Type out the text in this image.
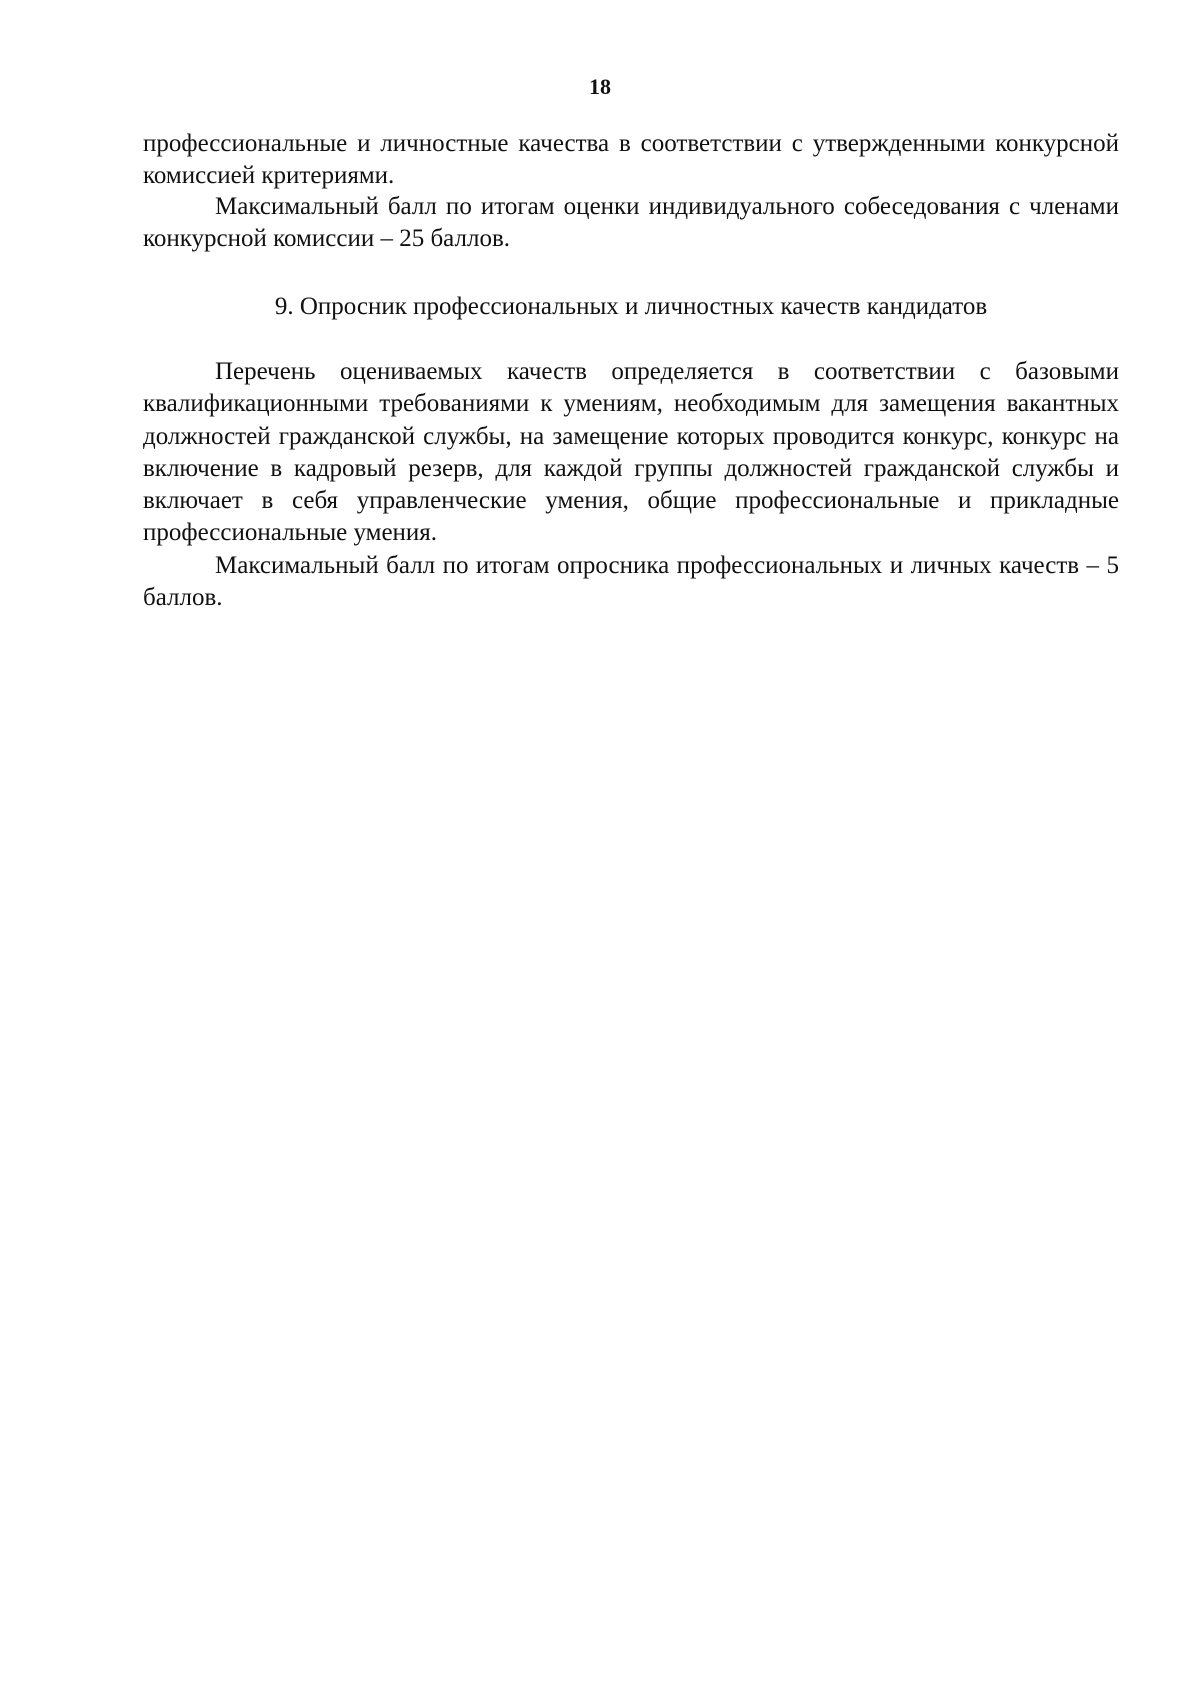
18

профессиональные и личностные качества в соответствии с утвержденными конкурсной комиссией критериями.

Максимальный балл по итогам оценки индивидуального собеседования с членами конкурсной комиссии – 25 баллов.

9. Опросник профессиональных и личностных качеств кандидатов

Перечень оцениваемых качеств определяется в соответствии с базовыми квалификационными требованиями к умениям, необходимым для замещения вакантных должностей гражданской службы, на замещение которых проводится конкурс, конкурс на включение в кадровый резерв, для каждой группы должностей гражданской службы и включает в себя управленческие умения, общие профессиональные и прикладные профессиональные умения.

Максимальный балл по итогам опросника профессиональных и личных качеств – 5 баллов.
